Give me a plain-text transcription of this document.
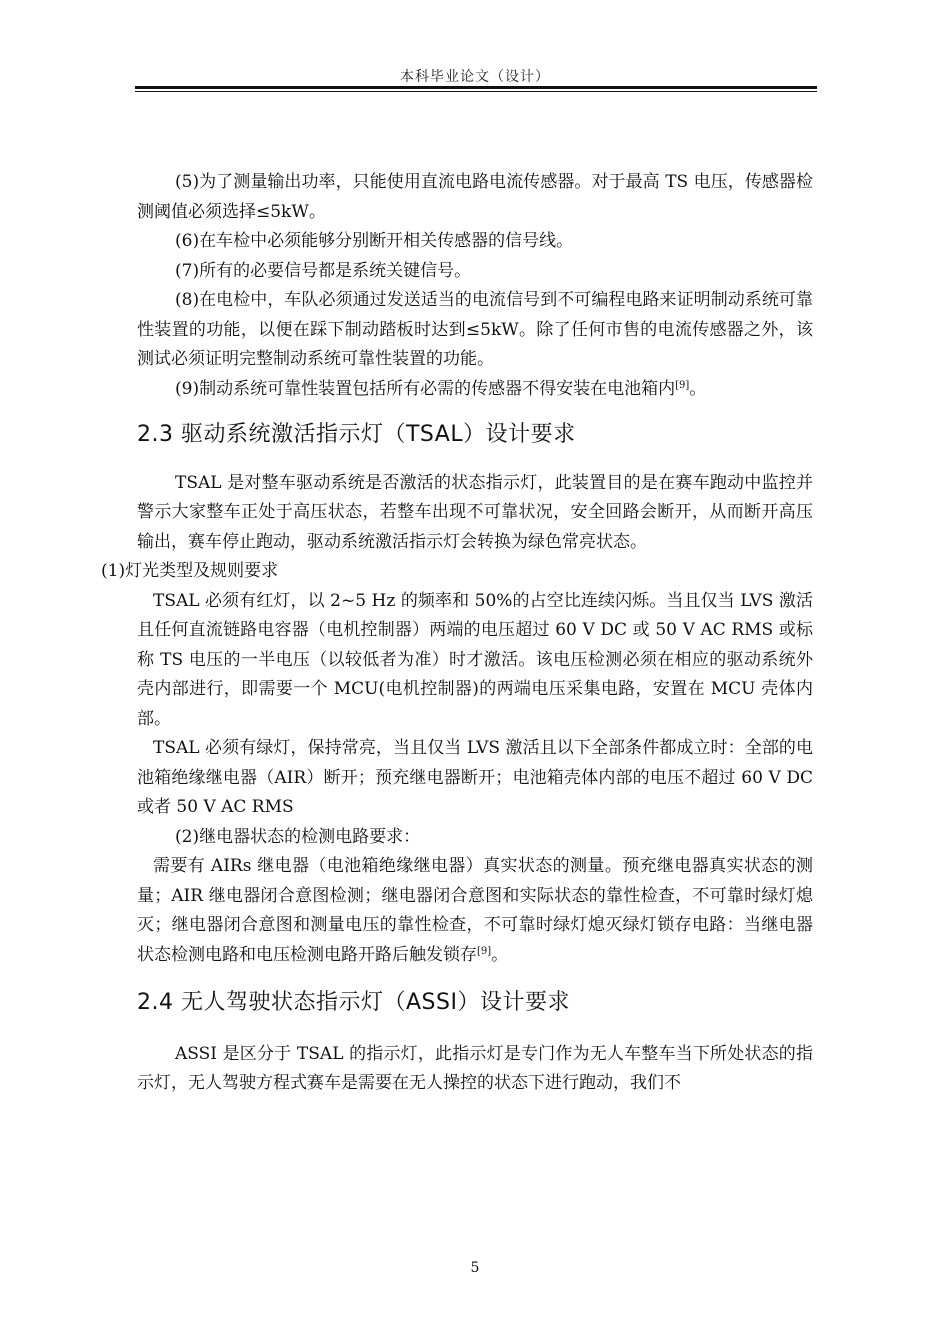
本科毕业论文（设计）

(5)为了测量输出功率，只能使用直流电路电流传感器。对于最高 TS 电压，传感器检测阈值必须选择≤5kW。

(6)在车检中必须能够分别断开相关传感器的信号线。

(7)所有的必要信号都是系统关键信号。

(8)在电检中，车队必须通过发送适当的电流信号到不可编程电路来证明制动系统可靠性装置的功能，以便在踩下制动踏板时达到≤5kW。除了任何市售的电流传感器之外，该测试必须证明完整制动系统可靠性装置的功能。

(9)制动系统可靠性装置包括所有必需的传感器不得安装在电池箱内[9]。

2.3 驱动系统激活指示灯（TSAL）设计要求

TSAL 是对整车驱动系统是否激活的状态指示灯，此装置目的是在赛车跑动中监控并警示大家整车正处于高压状态，若整车出现不可靠状况，安全回路会断开，从而断开高压输出，赛车停止跑动，驱动系统激活指示灯会转换为绿色常亮状态。

(1)灯光类型及规则要求

TSAL 必须有红灯，以 2~5 Hz 的频率和 50%的占空比连续闪烁。当且仅当 LVS 激活且任何直流链路电容器（电机控制器）两端的电压超过 60 V DC 或 50 V AC RMS 或标称 TS 电压的一半电压（以较低者为准）时才激活。该电压检测必须在相应的驱动系统外壳内部进行，即需要一个 MCU(电机控制器)的两端电压采集电路，安置在 MCU 壳体内部。

TSAL 必须有绿灯，保持常亮，当且仅当 LVS 激活且以下全部条件都成立时：全部的电池箱绝缘继电器（AIR）断开；预充继电器断开；电池箱壳体内部的电压不超过 60 V DC 或者 50 V AC RMS

(2)继电器状态的检测电路要求：

需要有 AIRs 继电器（电池箱绝缘继电器）真实状态的测量。预充继电器真实状态的测量；AIR 继电器闭合意图检测；继电器闭合意图和实际状态的靠性检查，不可靠时绿灯熄灭；继电器闭合意图和测量电压的靠性检查，不可靠时绿灯熄灭绿灯锁存电路：当继电器状态检测电路和电压检测电路开路后触发锁存[9]。

2.4 无人驾驶状态指示灯（ASSI）设计要求

ASSI 是区分于 TSAL 的指示灯，此指示灯是专门作为无人车整车当下所处状态的指示灯，无人驾驶方程式赛车是需要在无人操控的状态下进行跑动，我们不

5
